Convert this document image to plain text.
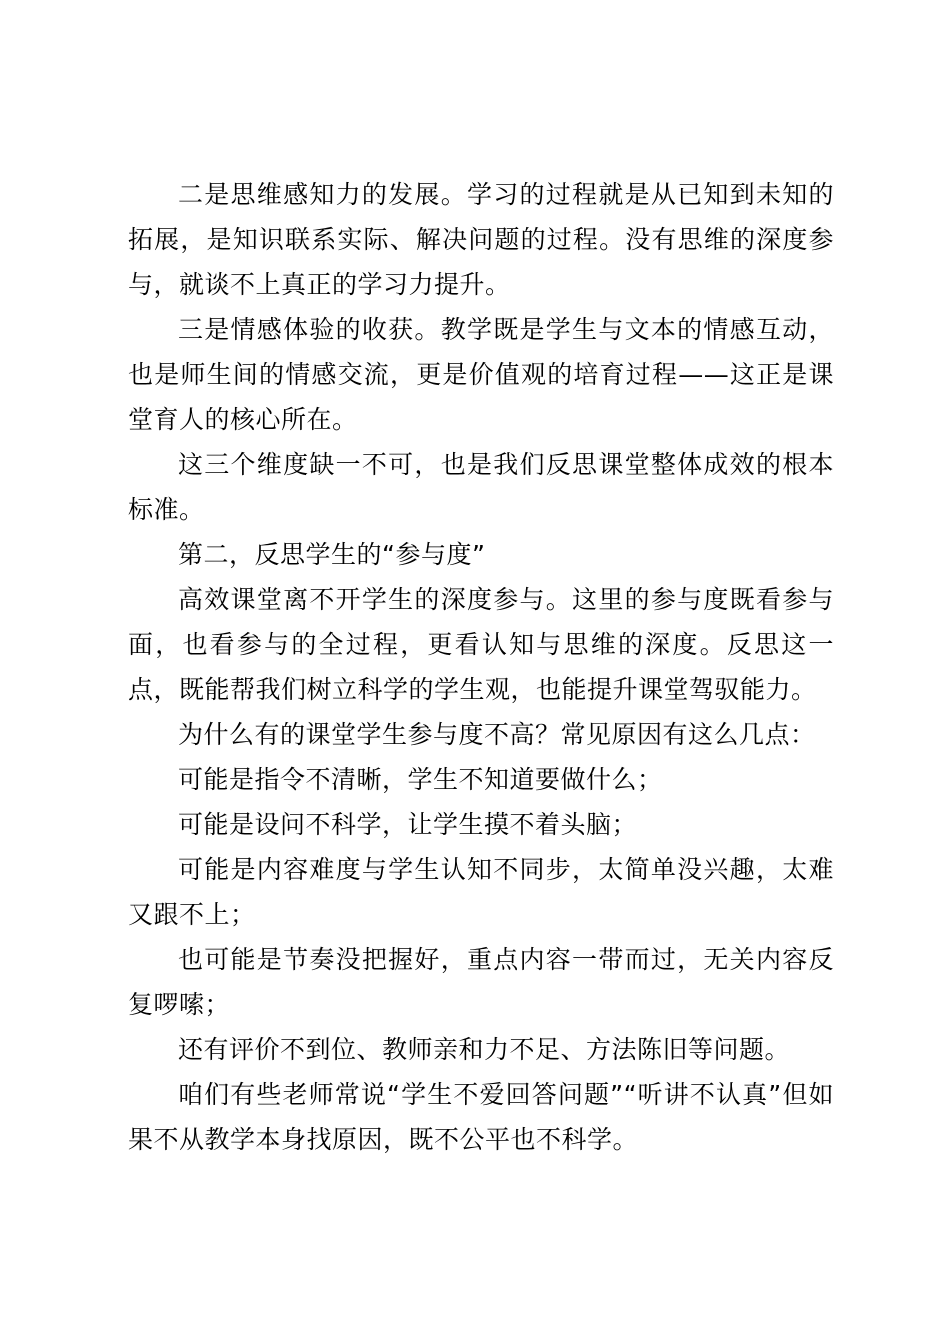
二是思维感知力的发展。学习的过程就是从已知到未知的拓展，是知识联系实际、解决问题的过程。没有思维的深度参与，就谈不上真正的学习力提升。

三是情感体验的收获。教学既是学生与文本的情感互动，也是师生间的情感交流，更是价值观的培育过程——这正是课堂育人的核心所在。

这三个维度缺一不可，也是我们反思课堂整体成效的根本标准。

第二，反思学生的“参与度”

高效课堂离不开学生的深度参与。这里的参与度既看参与面，也看参与的全过程，更看认知与思维的深度。反思这一点，既能帮我们树立科学的学生观，也能提升课堂驾驭能力。

为什么有的课堂学生参与度不高？常见原因有这么几点：

可能是指令不清晰，学生不知道要做什么；

可能是设问不科学，让学生摸不着头脑；

可能是内容难度与学生认知不同步，太简单没兴趣，太难又跟不上；

也可能是节奏没把握好，重点内容一带而过，无关内容反复啰嗦；

还有评价不到位、教师亲和力不足、方法陈旧等问题。

咱们有些老师常说“学生不爱回答问题”“听讲不认真”但如果不从教学本身找原因，既不公平也不科学。
